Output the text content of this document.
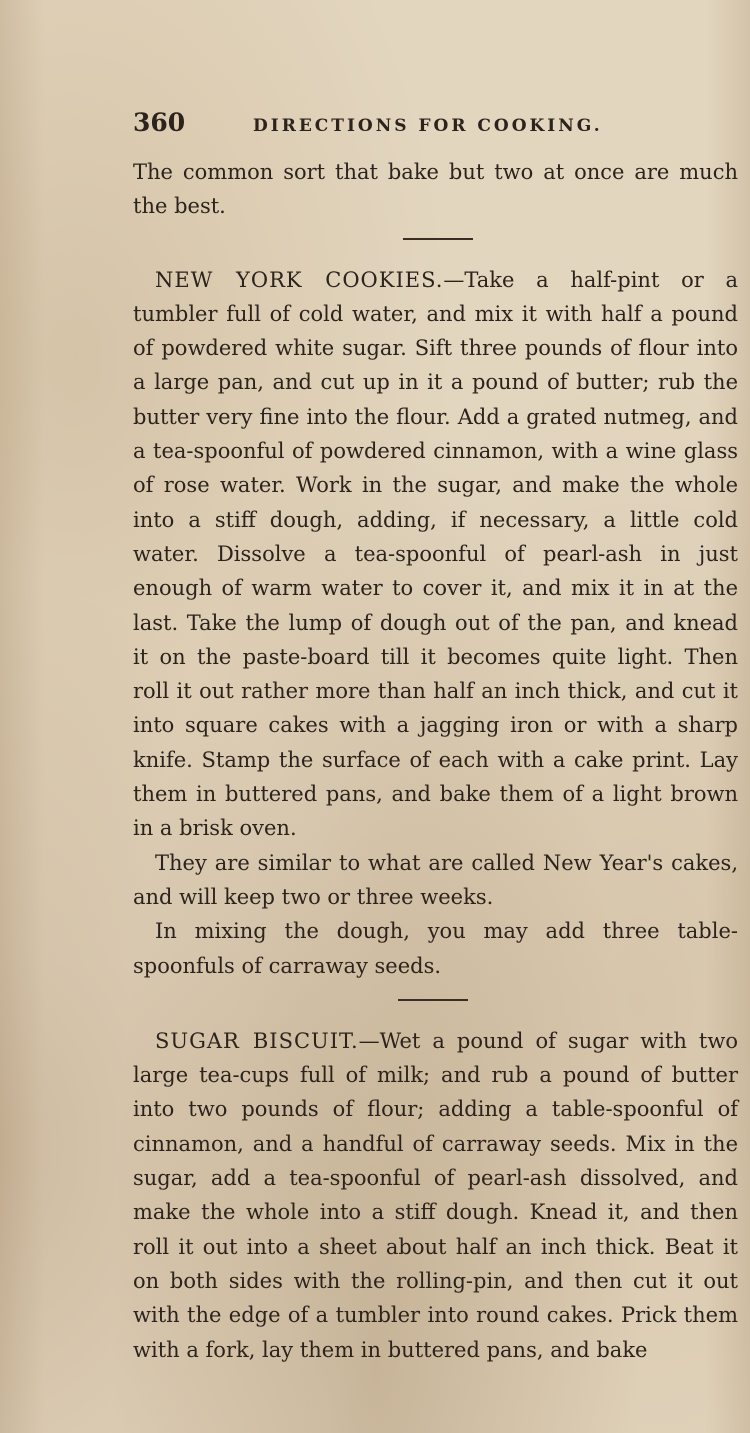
360	DIRECTIONS FOR COOKING.

The common sort that bake but two at once are much the best.

NEW YORK COOKIES.—Take a half-pint or a tumbler full of cold water, and mix it with half a pound of powdered white sugar. Sift three pounds of flour into a large pan, and cut up in it a pound of butter; rub the butter very fine into the flour. Add a grated nutmeg, and a tea-spoonful of powdered cinnamon, with a wine glass of rose water. Work in the sugar, and make the whole into a stiff dough, adding, if necessary, a little cold water. Dissolve a tea-spoonful of pearl-ash in just enough of warm water to cover it, and mix it in at the last. Take the lump of dough out of the pan, and knead it on the paste-board till it becomes quite light. Then roll it out rather more than half an inch thick, and cut it into square cakes with a jagging iron or with a sharp knife. Stamp the surface of each with a cake print. Lay them in buttered pans, and bake them of a light brown in a brisk oven.

They are similar to what are called New Year's cakes, and will keep two or three weeks.

In mixing the dough, you may add three table-spoonfuls of carraway seeds.

SUGAR BISCUIT.—Wet a pound of sugar with two large tea-cups full of milk; and rub a pound of butter into two pounds of flour; adding a table-spoonful of cinnamon, and a handful of carraway seeds. Mix in the sugar, add a tea-spoonful of pearl-ash dissolved, and make the whole into a stiff dough. Knead it, and then roll it out into a sheet about half an inch thick. Beat it on both sides with the rolling-pin, and then cut it out with the edge of a tumbler into round cakes. Prick them with a fork, lay them in buttered pans, and bake
